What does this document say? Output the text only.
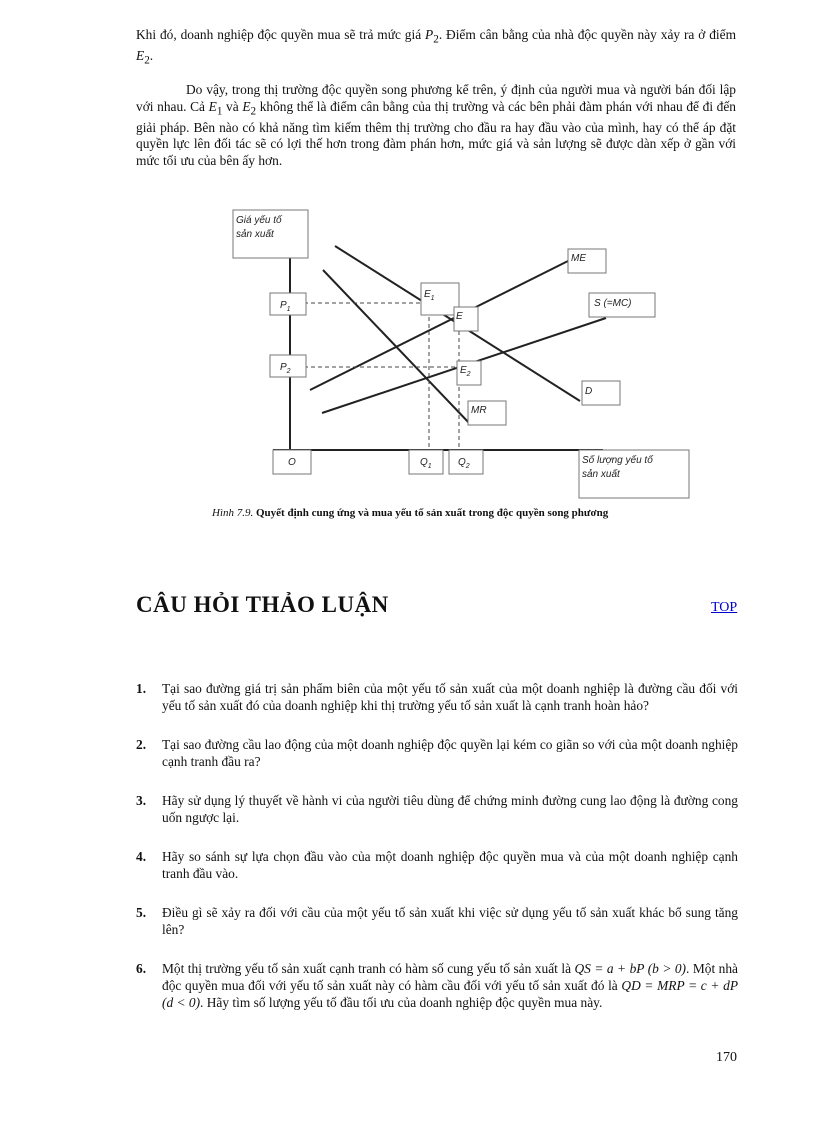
Khi đó, doanh nghiệp độc quyền mua sẽ trả mức giá $P_2$. Điểm cân bằng của nhà độc quyền này xảy ra ở điểm $E_2$.

Do vậy, trong thị trường độc quyền song phương kể trên, ý định của người mua và người bán đối lập với nhau. Cả $E_1$ và $E_2$ không thể là điểm cân bằng của thị trường và các bên phải đàm phán với nhau để đi đến giải pháp. Bên nào có khả năng tìm kiếm thêm thị trường cho đầu ra hay đầu vào của mình, hay có thể áp đặt quyền lực lên đối tác sẽ có lợi thế hơn trong đàm phán hơn, mức giá và sản lượng sẽ được dàn xếp ở gần với mức tối ưu của bên ấy hơn.

Giá yếu tố
sản xuất
$P_1$
$P_2$
O	$Q_1$	$Q_2$
Số lượng yếu tố
sản xuất
ME
S (=MC)
D
MR
$E_1$
E
$E_2$
Hình 7.9. Quyết định cung ứng và mua yếu tố sản xuất trong độc quyền song phương
CÂU HỎI THẢO LUẬN	TOP
1. Tại sao đường giá trị sản phẩm biên của một yếu tố sản xuất của một doanh nghiệp là đường cầu đối với yếu tố sản xuất đó của doanh nghiệp khi thị trường yếu tố sản xuất là cạnh tranh hoàn hảo?
2. Tại sao đường cầu lao động của một doanh nghiệp độc quyền lại kém co giãn so với của một doanh nghiệp cạnh tranh đầu ra?
3. Hãy sử dụng lý thuyết về hành vi của người tiêu dùng để chứng minh đường cung lao động là đường cong uốn ngược lại.
4. Hãy so sánh sự lựa chọn đầu vào của một doanh nghiệp độc quyền mua và của một doanh nghiệp cạnh tranh đầu vào.
5. Điều gì sẽ xảy ra đối với cầu của một yếu tố sản xuất khi việc sử dụng yếu tố sản xuất khác bổ sung tăng lên?
6. Một thị trường yếu tố sản xuất cạnh tranh có hàm số cung yếu tố sản xuất là QS = a + bP (b > 0). Một nhà độc quyền mua đối với yếu tố sản xuất này có hàm cầu đối với yếu tố sản xuất đó là QD = MRP = c + dP (d < 0). Hãy tìm số lượng yếu tố đầu tối ưu của doanh nghiệp độc quyền mua này.
170
